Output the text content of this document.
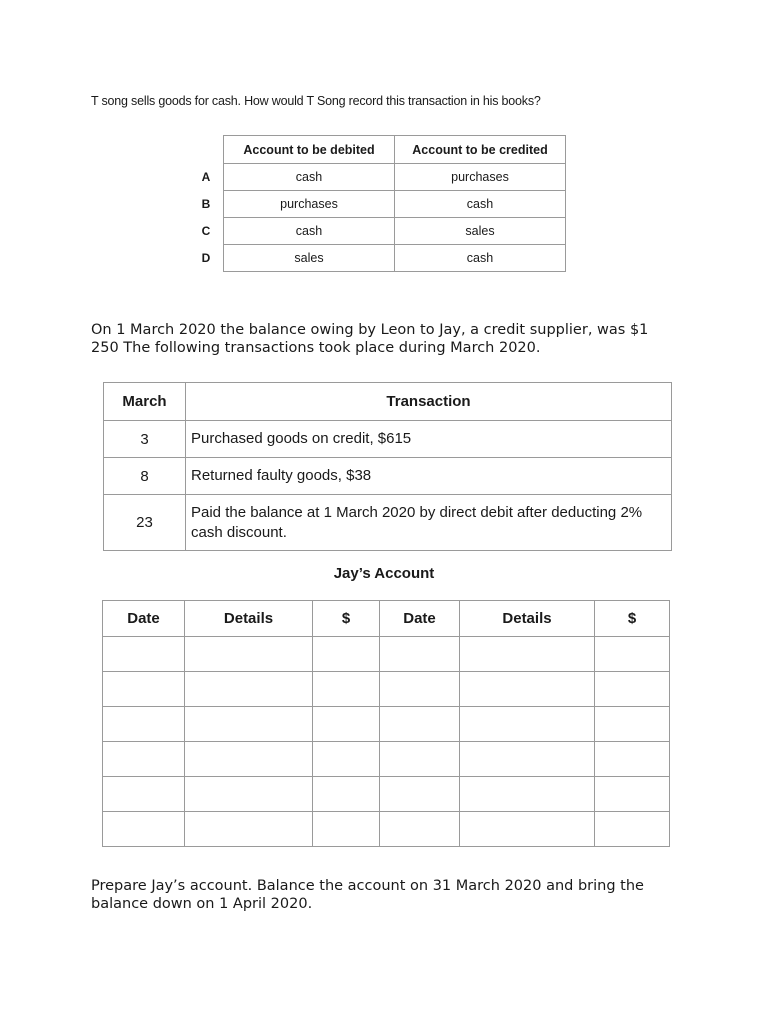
T song sells goods for cash. How would T Song record this transaction in his books?
	Account to be debited	Account to be credited
A	cash	purchases
B	purchases	cash
C	cash	sales
D	sales	cash
On 1 March 2020 the balance owing by Leon to Jay, a credit supplier, was $1
250 The following transactions took place during March 2020.
March	Transaction
3	Purchased goods on credit, $615
8	Returned faulty goods, $38
23	Paid the balance at 1 March 2020 by direct debit after deducting 2% cash discount.
Jay’s Account
Date	Details	$	Date	Details	$

Prepare Jay’s account. Balance the account on 31 March 2020 and bring the
balance down on 1 April 2020.
